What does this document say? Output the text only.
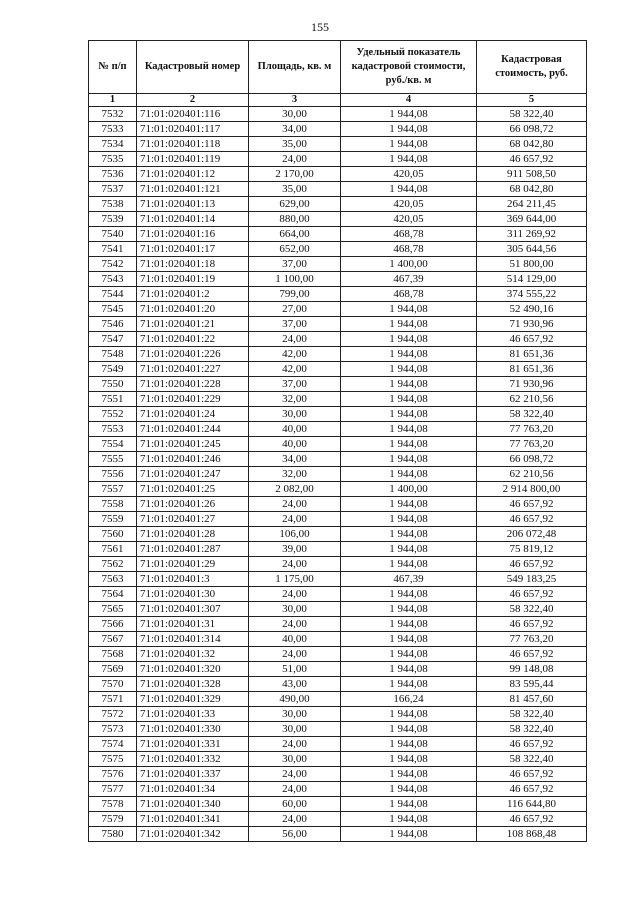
155
№ п/п	Кадастровый номер	Площадь, кв. м	Удельный показатель кадастровой стоимости, руб./кв. м	Кадастровая стоимость, руб.
1	2	3	4	5
7532	71:01:020401:116	30,00	1 944,08	58 322,40
7533	71:01:020401:117	34,00	1 944,08	66 098,72
7534	71:01:020401:118	35,00	1 944,08	68 042,80
7535	71:01:020401:119	24,00	1 944,08	46 657,92
7536	71:01:020401:12	2 170,00	420,05	911 508,50
7537	71:01:020401:121	35,00	1 944,08	68 042,80
7538	71:01:020401:13	629,00	420,05	264 211,45
7539	71:01:020401:14	880,00	420,05	369 644,00
7540	71:01:020401:16	664,00	468,78	311 269,92
7541	71:01:020401:17	652,00	468,78	305 644,56
7542	71:01:020401:18	37,00	1 400,00	51 800,00
7543	71:01:020401:19	1 100,00	467,39	514 129,00
7544	71:01:020401:2	799,00	468,78	374 555,22
7545	71:01:020401:20	27,00	1 944,08	52 490,16
7546	71:01:020401:21	37,00	1 944,08	71 930,96
7547	71:01:020401:22	24,00	1 944,08	46 657,92
7548	71:01:020401:226	42,00	1 944,08	81 651,36
7549	71:01:020401:227	42,00	1 944,08	81 651,36
7550	71:01:020401:228	37,00	1 944,08	71 930,96
7551	71:01:020401:229	32,00	1 944,08	62 210,56
7552	71:01:020401:24	30,00	1 944,08	58 322,40
7553	71:01:020401:244	40,00	1 944,08	77 763,20
7554	71:01:020401:245	40,00	1 944,08	77 763,20
7555	71:01:020401:246	34,00	1 944,08	66 098,72
7556	71:01:020401:247	32,00	1 944,08	62 210,56
7557	71:01:020401:25	2 082,00	1 400,00	2 914 800,00
7558	71:01:020401:26	24,00	1 944,08	46 657,92
7559	71:01:020401:27	24,00	1 944,08	46 657,92
7560	71:01:020401:28	106,00	1 944,08	206 072,48
7561	71:01:020401:287	39,00	1 944,08	75 819,12
7562	71:01:020401:29	24,00	1 944,08	46 657,92
7563	71:01:020401:3	1 175,00	467,39	549 183,25
7564	71:01:020401:30	24,00	1 944,08	46 657,92
7565	71:01:020401:307	30,00	1 944,08	58 322,40
7566	71:01:020401:31	24,00	1 944,08	46 657,92
7567	71:01:020401:314	40,00	1 944,08	77 763,20
7568	71:01:020401:32	24,00	1 944,08	46 657,92
7569	71:01:020401:320	51,00	1 944,08	99 148,08
7570	71:01:020401:328	43,00	1 944,08	83 595,44
7571	71:01:020401:329	490,00	166,24	81 457,60
7572	71:01:020401:33	30,00	1 944,08	58 322,40
7573	71:01:020401:330	30,00	1 944,08	58 322,40
7574	71:01:020401:331	24,00	1 944,08	46 657,92
7575	71:01:020401:332	30,00	1 944,08	58 322,40
7576	71:01:020401:337	24,00	1 944,08	46 657,92
7577	71:01:020401:34	24,00	1 944,08	46 657,92
7578	71:01:020401:340	60,00	1 944,08	116 644,80
7579	71:01:020401:341	24,00	1 944,08	46 657,92
7580	71:01:020401:342	56,00	1 944,08	108 868,48
